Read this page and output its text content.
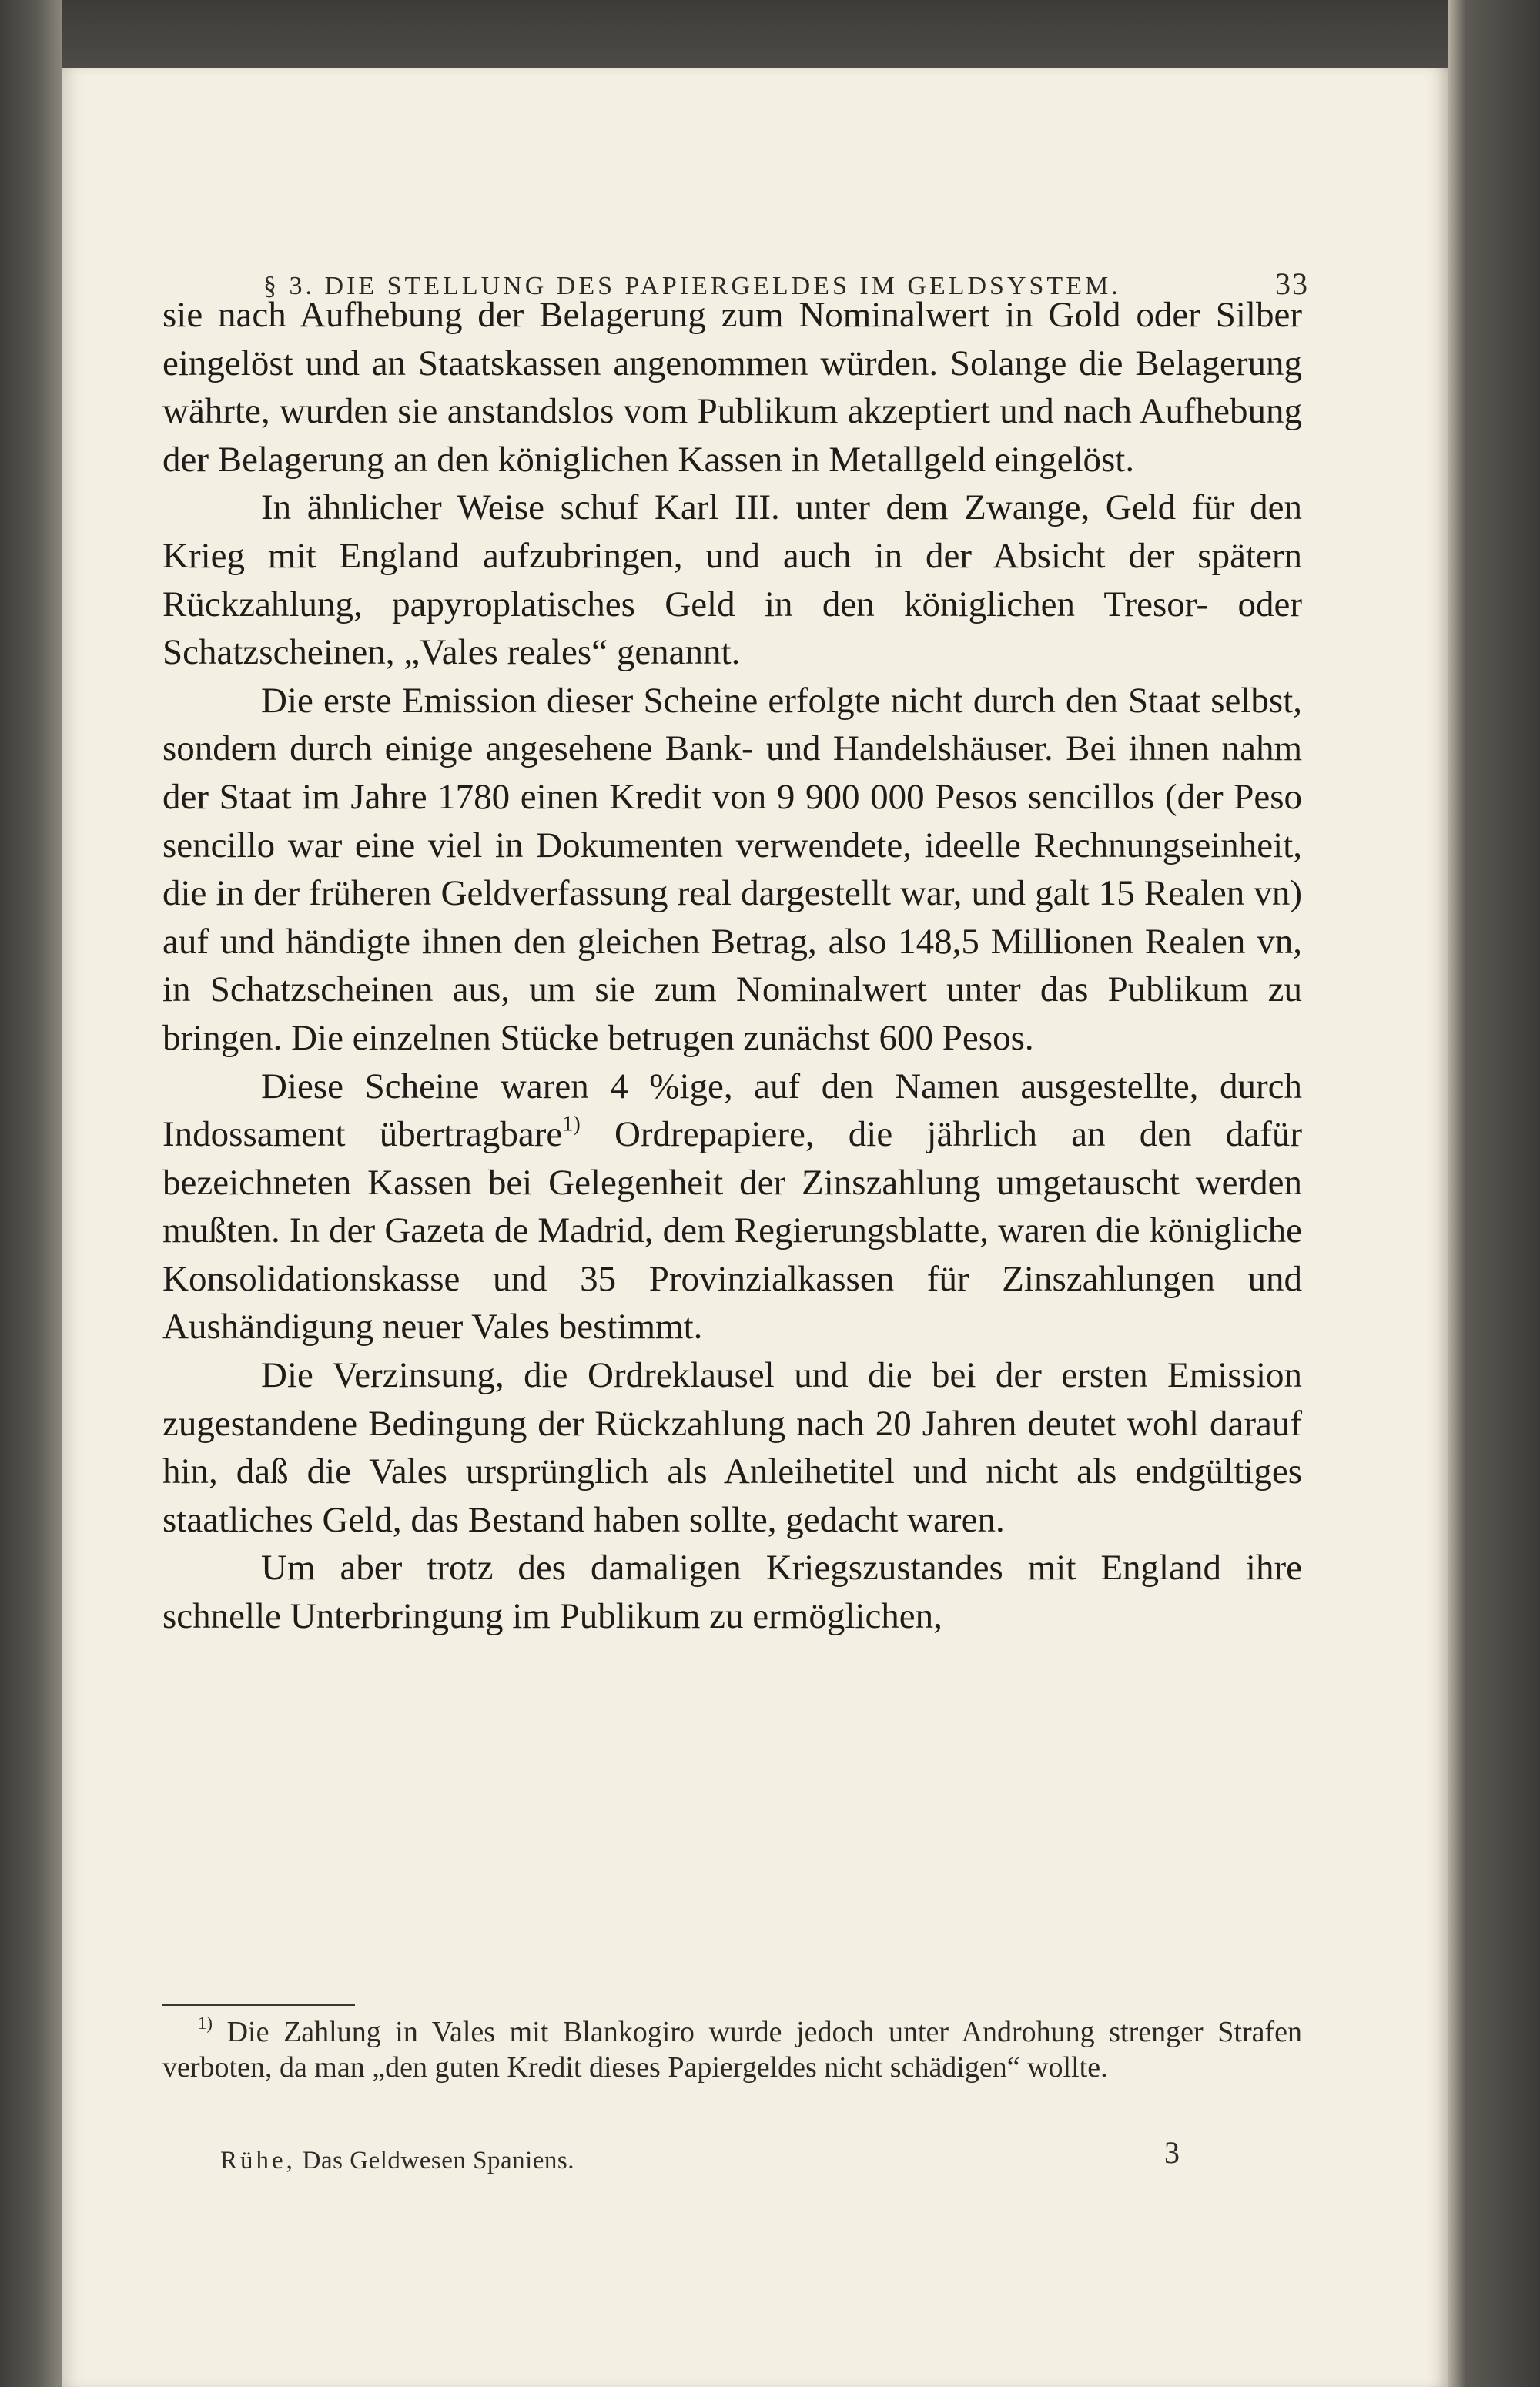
§ 3. DIE STELLUNG DES PAPIERGELDES IM GELDSYSTEM.	33

sie nach Aufhebung der Belagerung zum Nominalwert in Gold oder Silber eingelöst und an Staatskassen angenommen würden. Solange die Belagerung währte, wurden sie anstandslos vom Publikum akzeptiert und nach Aufhebung der Belagerung an den königlichen Kassen in Metallgeld eingelöst.

In ähnlicher Weise schuf Karl III. unter dem Zwange, Geld für den Krieg mit England aufzubringen, und auch in der Absicht der spätern Rückzahlung, papyroplatisches Geld in den königlichen Tresor- oder Schatzscheinen, „Vales reales“ genannt.

Die erste Emission dieser Scheine erfolgte nicht durch den Staat selbst, sondern durch einige angesehene Bank- und Handelshäuser. Bei ihnen nahm der Staat im Jahre 1780 einen Kredit von 9 900 000 Pesos sencillos (der Peso sencillo war eine viel in Dokumenten verwendete, ideelle Rechnungseinheit, die in der früheren Geldverfassung real dargestellt war, und galt 15 Realen vn) auf und händigte ihnen den gleichen Betrag, also 148,5 Millionen Realen vn, in Schatzscheinen aus, um sie zum Nominalwert unter das Publikum zu bringen. Die einzelnen Stücke betrugen zunächst 600 Pesos.

Diese Scheine waren 4 %ige, auf den Namen ausgestellte, durch Indossament übertragbare$^{1)}$ Ordrepapiere, die jährlich an den dafür bezeichneten Kassen bei Gelegenheit der Zinszahlung umgetauscht werden mußten. In der Gazeta de Madrid, dem Regierungsblatte, waren die königliche Konsolidationskasse und 35 Provinzialkassen für Zinszahlungen und Aushändigung neuer Vales bestimmt.

Die Verzinsung, die Ordreklausel und die bei der ersten Emission zugestandene Bedingung der Rückzahlung nach 20 Jahren deutet wohl darauf hin, daß die Vales ursprünglich als Anleihetitel und nicht als endgültiges staatliches Geld, das Bestand haben sollte, gedacht waren.

Um aber trotz des damaligen Kriegszustandes mit England ihre schnelle Unterbringung im Publikum zu ermöglichen,

$^{1)}$ Die Zahlung in Vales mit Blankogiro wurde jedoch unter Androhung strenger Strafen verboten, da man „den guten Kredit dieses Papiergeldes nicht schädigen“ wollte.
Rühe, Das Geldwesen Spaniens.	3
